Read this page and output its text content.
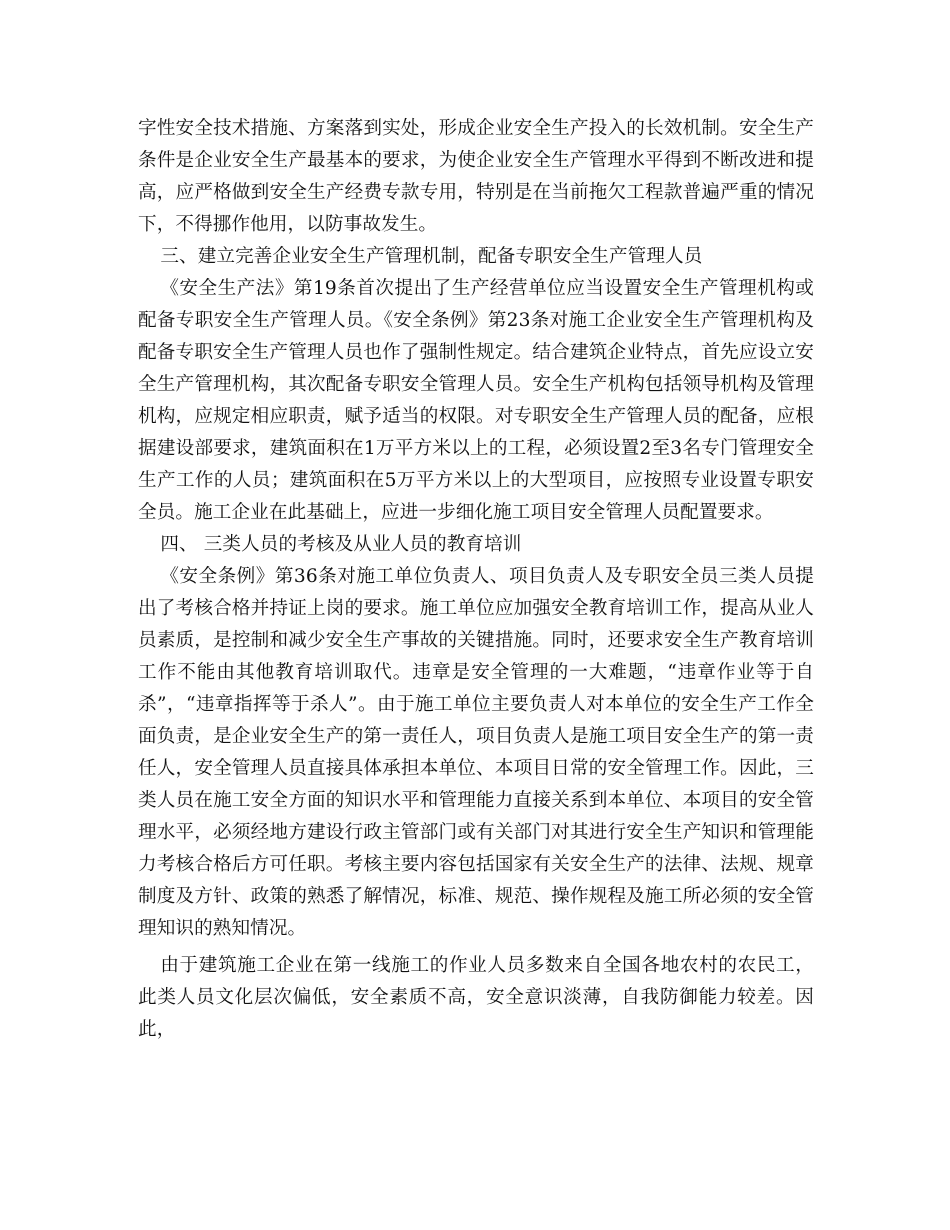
字性安全技术措施、方案落到实处，形成企业安全生产投入的长效机制。安全生产条件是企业安全生产最基本的要求，为使企业安全生产管理水平得到不断改进和提高，应严格做到安全生产经费专款专用，特别是在当前拖欠工程款普遍严重的情况下，不得挪作他用，以防事故发生。

三、建立完善企业安全生产管理机制，配备专职安全生产管理人员

《安全生产法》第19条首次提出了生产经营单位应当设置安全生产管理机构或配备专职安全生产管理人员。《安全条例》第23条对施工企业安全生产管理机构及配备专职安全生产管理人员也作了强制性规定。结合建筑企业特点，首先应设立安全生产管理机构，其次配备专职安全管理人员。安全生产机构包括领导机构及管理机构，应规定相应职责，赋予适当的权限。对专职安全生产管理人员的配备，应根据建设部要求，建筑面积在1万平方米以上的工程，必须设置2至3名专门管理安全生产工作的人员；建筑面积在5万平方米以上的大型项目，应按照专业设置专职安全员。施工企业在此基础上，应进一步细化施工项目安全管理人员配置要求。

四、 三类人员的考核及从业人员的教育培训

《安全条例》第36条对施工单位负责人、项目负责人及专职安全员三类人员提出了考核合格并持证上岗的要求。施工单位应加强安全教育培训工作，提高从业人员素质，是控制和减少安全生产事故的关键措施。同时，还要求安全生产教育培训工作不能由其他教育培训取代。违章是安全管理的一大难题，“违章作业等于自杀”，“违章指挥等于杀人”。由于施工单位主要负责人对本单位的安全生产工作全面负责，是企业安全生产的第一责任人，项目负责人是施工项目安全生产的第一责任人，安全管理人员直接具体承担本单位、本项目日常的安全管理工作。因此，三类人员在施工安全方面的知识水平和管理能力直接关系到本单位、本项目的安全管理水平，必须经地方建设行政主管部门或有关部门对其进行安全生产知识和管理能力考核合格后方可任职。考核主要内容包括国家有关安全生产的法律、法规、规章制度及方针、政策的熟悉了解情况，标准、规范、操作规程及施工所必须的安全管理知识的熟知情况。

由于建筑施工企业在第一线施工的作业人员多数来自全国各地农村的农民工，此类人员文化层次偏低，安全素质不高，安全意识淡薄，自我防御能力较差。因此，
